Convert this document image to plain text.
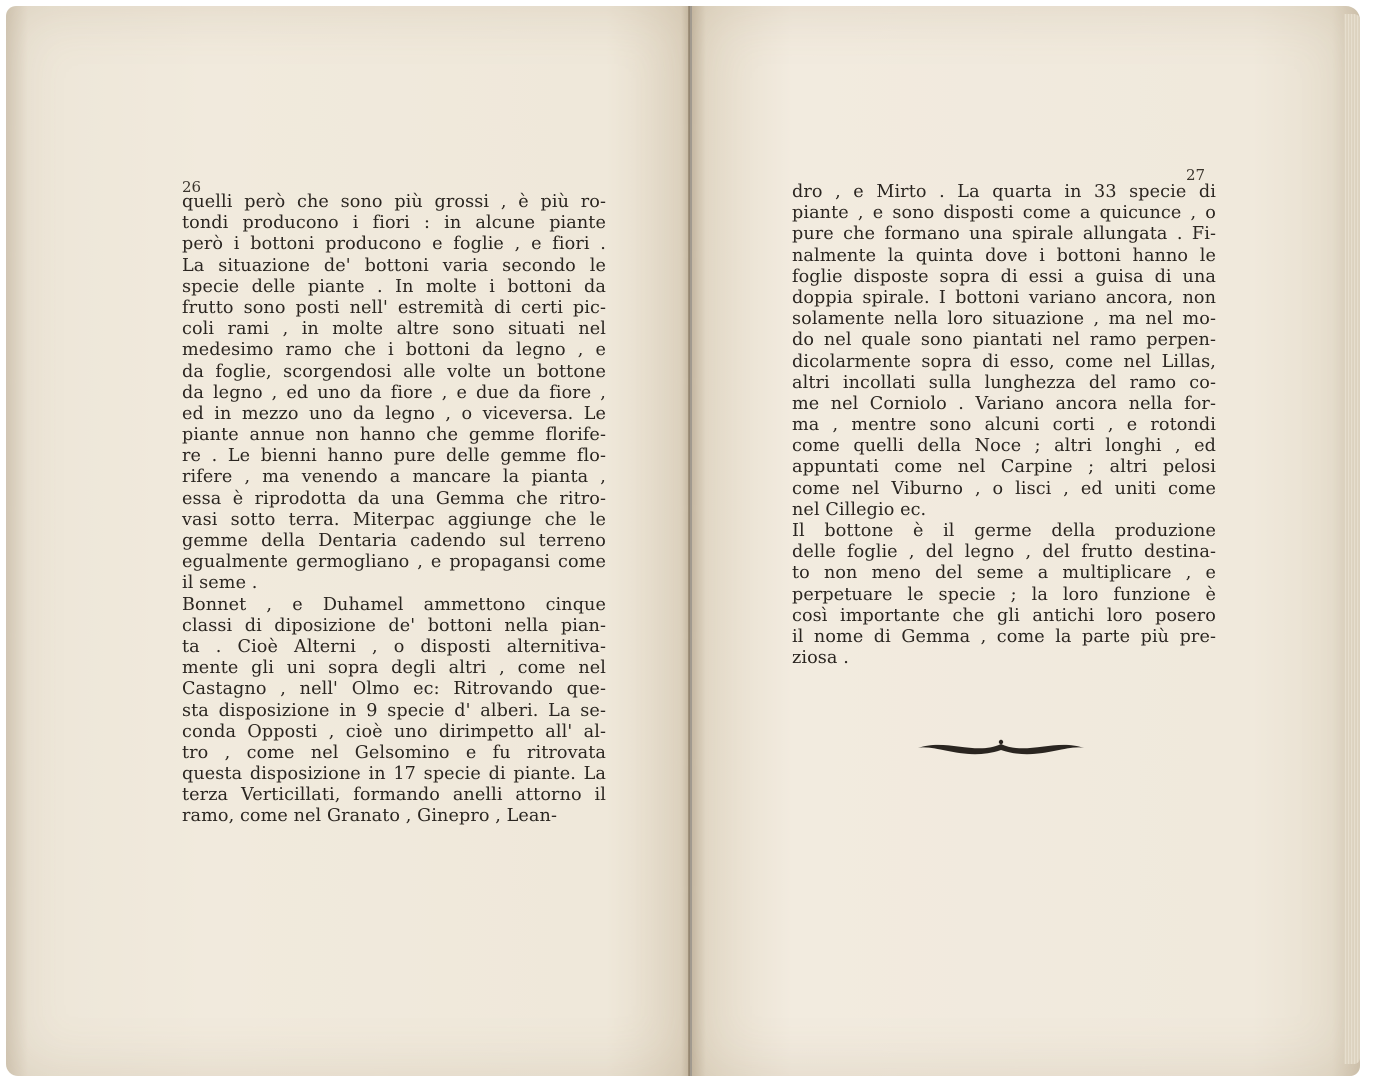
26
quelli però che sono più grossi , è più ro-
tondi producono i fiori : in alcune piante
però i bottoni producono e foglie , e fiori .
La situazione de' bottoni varia secondo le
specie delle piante . In molte i bottoni da
frutto sono posti nell' estremità di certi pic-
coli rami , in molte altre sono situati nel
medesimo ramo che i bottoni da legno , e
da foglie, scorgendosi alle volte un bottone
da legno , ed uno da fiore , e due da fiore ,
ed in mezzo uno da legno , o viceversa. Le
piante annue non hanno che gemme florife-
re . Le bienni hanno pure delle gemme flo-
rifere , ma venendo a mancare la pianta ,
essa è riprodotta da una Gemma che ritro-
vasi sotto terra. Miterpac aggiunge che le
gemme della Dentaria cadendo sul terreno
egualmente germogliano , e propagansi come
il seme .
Bonnet , e Duhamel ammettono cinque
classi di diposizione de' bottoni nella pian-
ta . Cioè Alterni , o disposti alternitiva-
mente gli uni sopra degli altri , come nel
Castagno , nell' Olmo ec: Ritrovando que-
sta disposizione in 9 specie d' alberi. La se-
conda Opposti , cioè uno dirimpetto all' al-
tro , come nel Gelsomino e fu ritrovata
questa disposizione in 17 specie di piante. La
terza Verticillati, formando anelli attorno il
ramo, come nel Granato , Ginepro , Lean-
27
dro , e Mirto . La quarta in 33 specie di
piante , e sono disposti come a quicunce , o
pure che formano una spirale allungata . Fi-
nalmente la quinta dove i bottoni hanno le
foglie disposte sopra di essi a guisa di una
doppia spirale. I bottoni variano ancora, non
solamente nella loro situazione , ma nel mo-
do nel quale sono piantati nel ramo perpen-
dicolarmente sopra di esso, come nel Lillas,
altri incollati sulla lunghezza del ramo co-
me nel Corniolo . Variano ancora nella for-
ma , mentre sono alcuni corti , e rotondi
come quelli della Noce ; altri longhi , ed
appuntati come nel Carpine ; altri pelosi
come nel Viburno , o lisci , ed uniti come
nel Cillegio ec.
Il bottone è il germe della produzione
delle foglie , del legno , del frutto destina-
to non meno del seme a multiplicare , e
perpetuare le specie ; la loro funzione è
così importante che gli antichi loro posero
il nome di Gemma , come la parte più pre-
ziosa .
